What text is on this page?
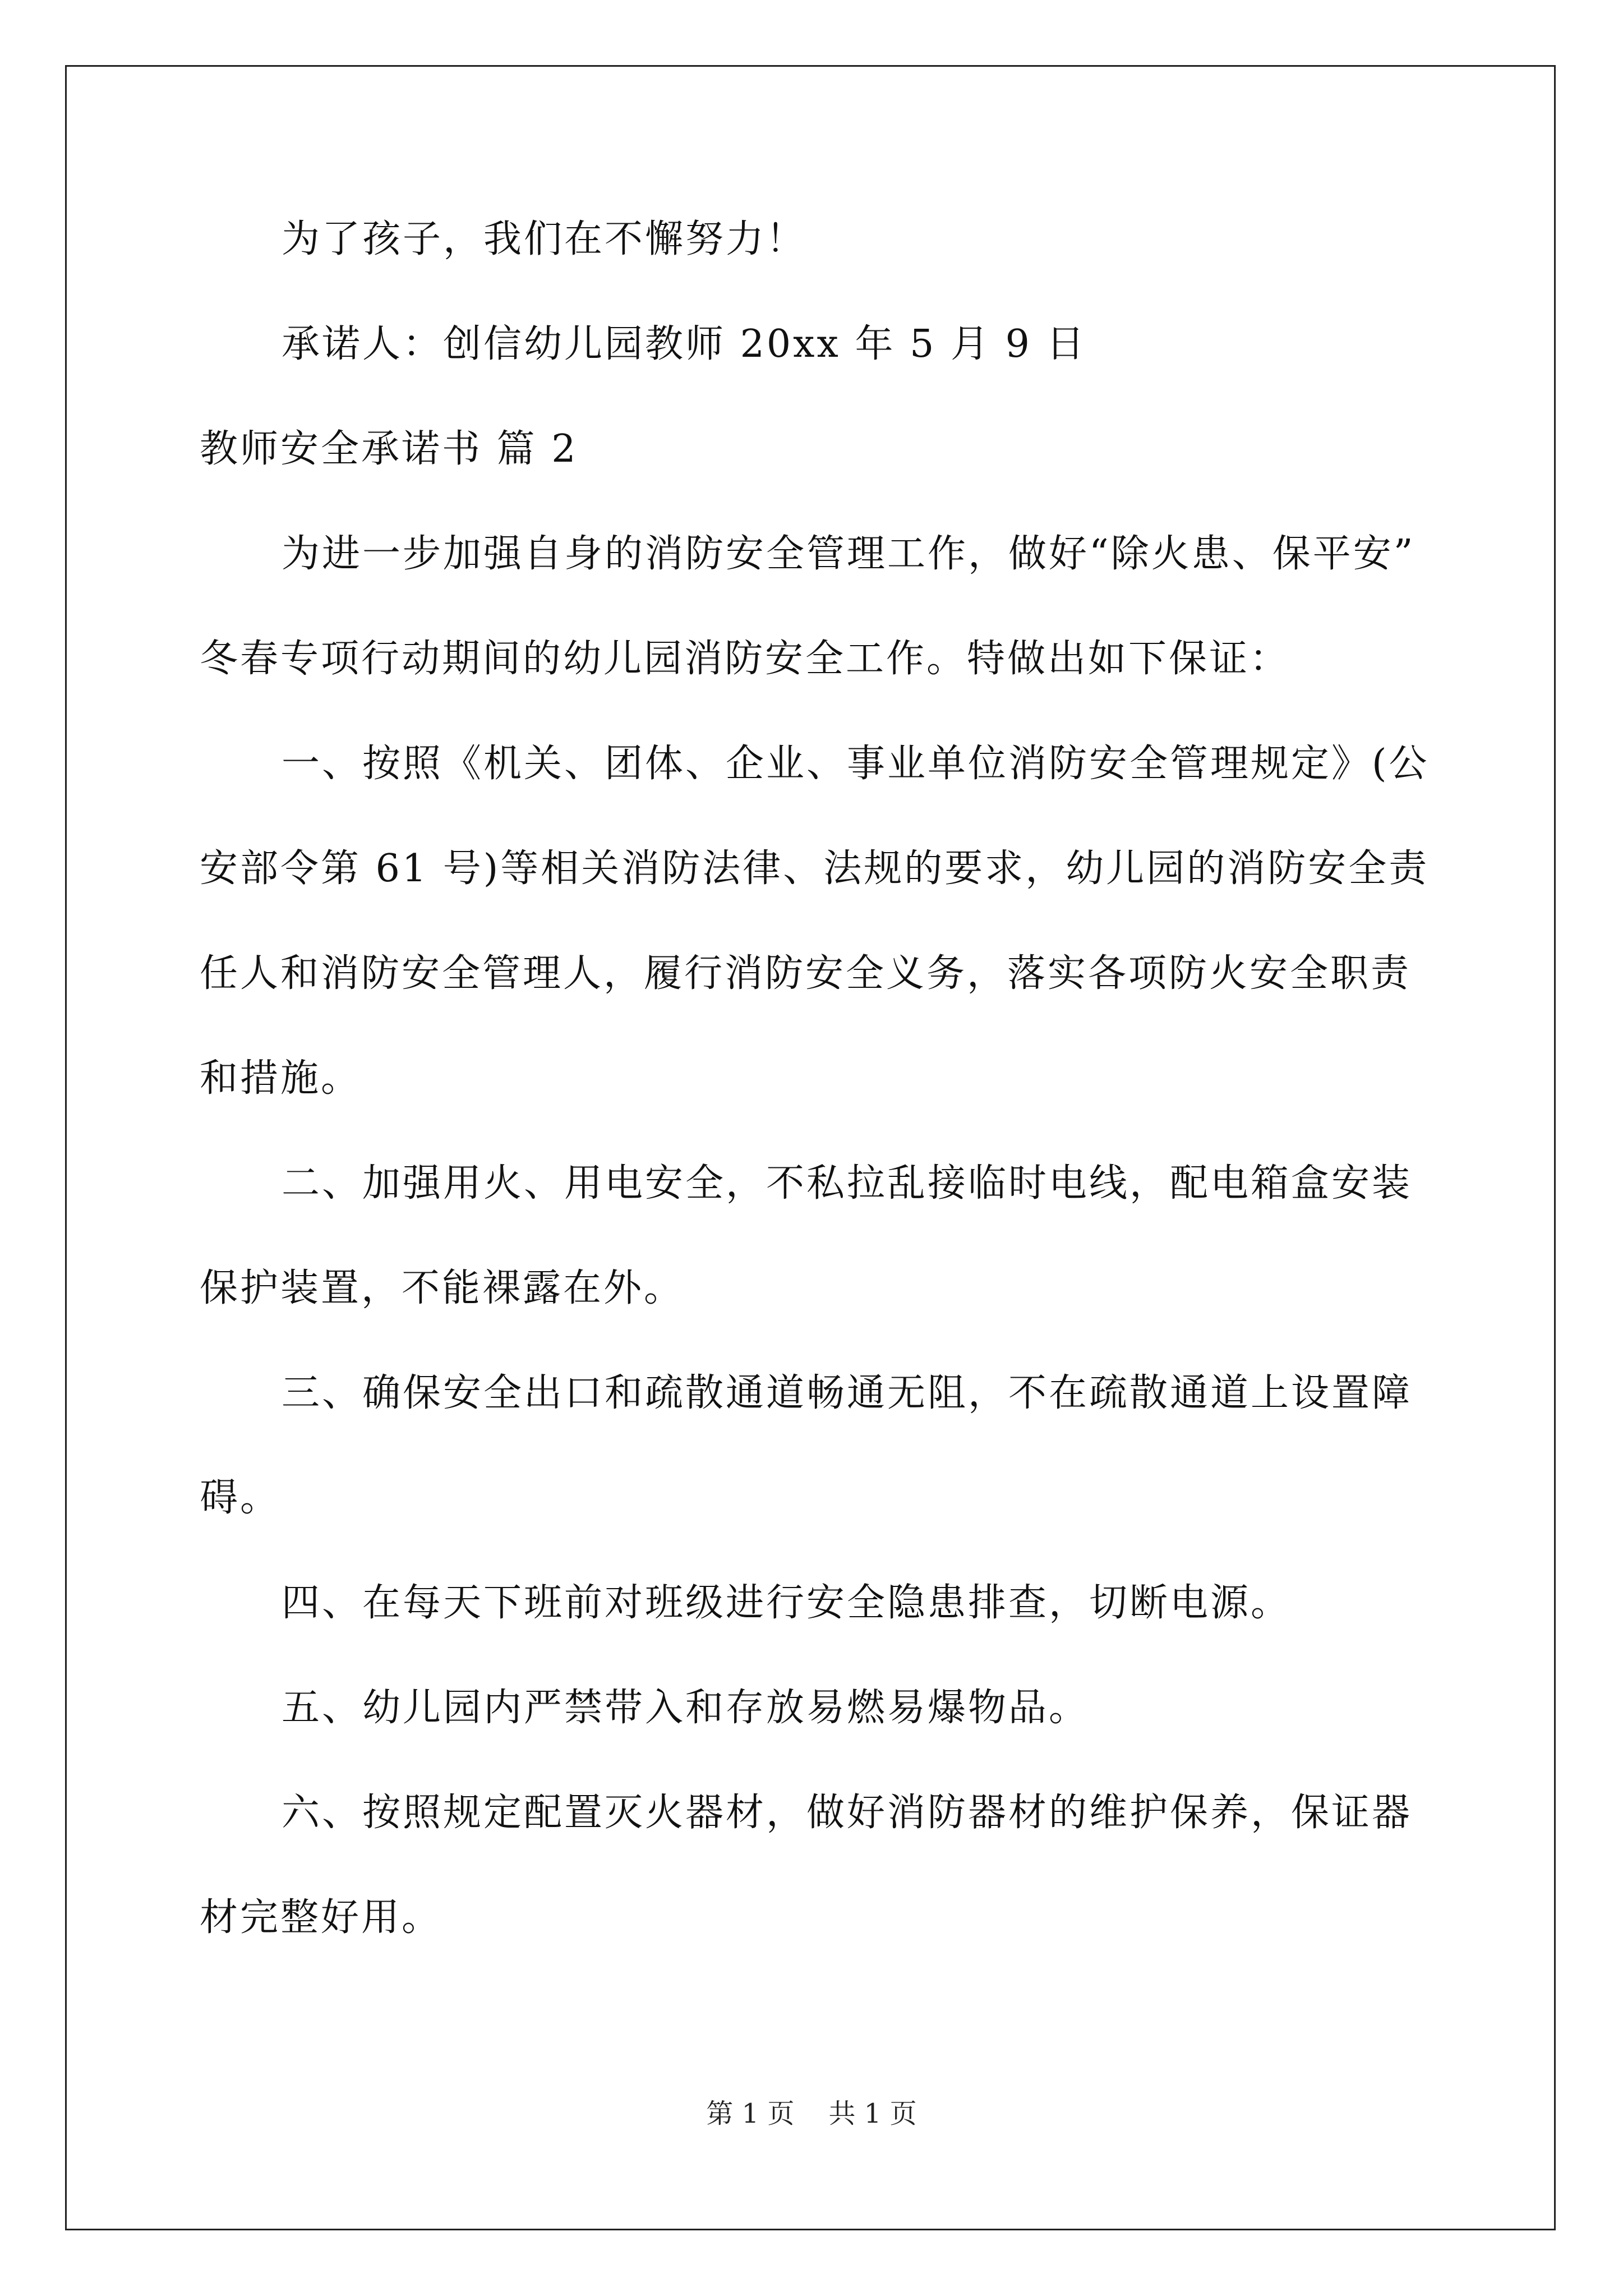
为了孩子，我们在不懈努力！
承诺人：创信幼儿园教师 20xx 年 5 月 9 日
教师安全承诺书 篇 2
为进一步加强自身的消防安全管理工作，做好“除火患、保平安”
冬春专项行动期间的幼儿园消防安全工作。特做出如下保证：
一、按照《机关、团体、企业、事业单位消防安全管理规定》(公
安部令第 61 号)等相关消防法律、法规的要求，幼儿园的消防安全责
任人和消防安全管理人，履行消防安全义务，落实各项防火安全职责
和措施。
二、加强用火、用电安全，不私拉乱接临时电线，配电箱盒安装
保护装置，不能裸露在外。
三、确保安全出口和疏散通道畅通无阻，不在疏散通道上设置障
碍。
四、在每天下班前对班级进行安全隐患排查，切断电源。
五、幼儿园内严禁带入和存放易燃易爆物品。
六、按照规定配置灭火器材，做好消防器材的维护保养，保证器
材完整好用。
第 1 页    共 1 页
